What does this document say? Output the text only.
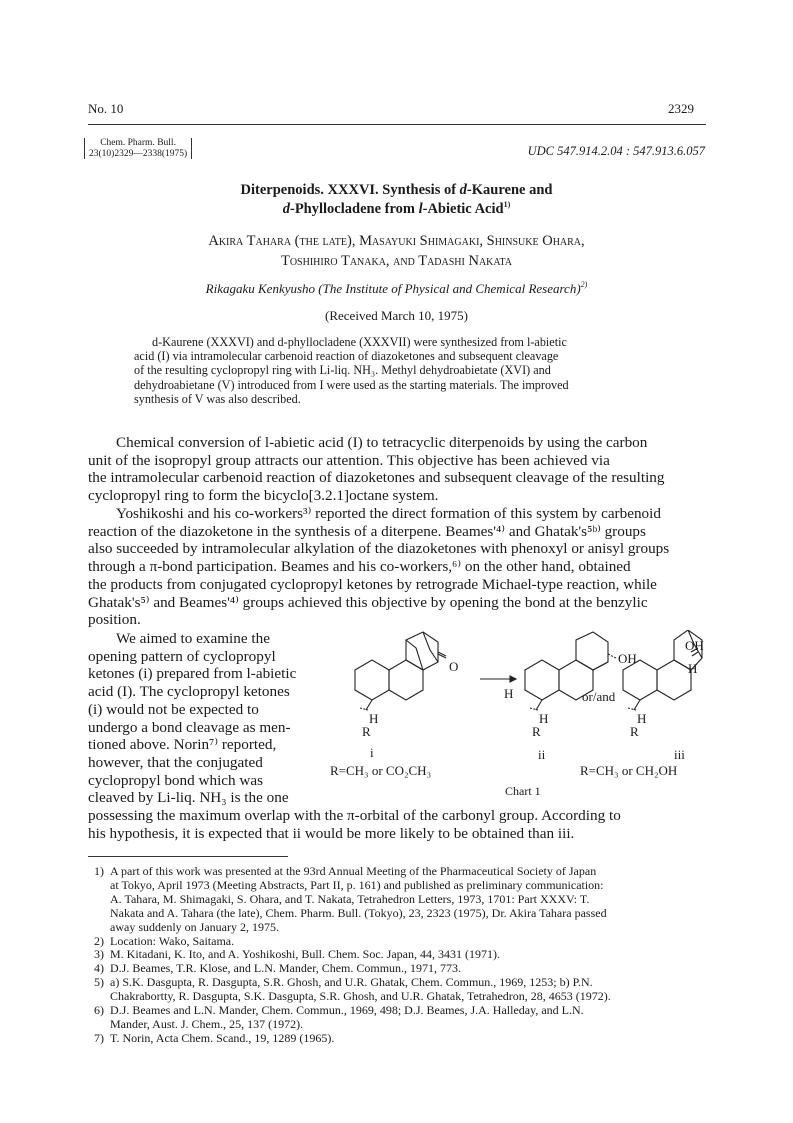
No. 10	2329
Chem. Pharm. Bull.
23(10)2329—2338(1975)	UDC 547.914.2.04 : 547.913.6.057
Diterpenoids. XXXVI. Synthesis of d-Kaurene and
d-Phyllocladene from l-Abietic Acid$^{1)}$
Akira Tahara (the late), Masayuki Shimagaki, Shinsuke Ohara,
Toshihiro Tanaka, and Tadashi Nakata
Rikagaku Kenkyusho (The Institute of Physical and Chemical Research)$^{2)}$
(Received March 10, 1975)
d-Kaurene (XXXVI) and d-phyllocladene (XXXVII) were synthesized from l-abietic
acid (I) via intramolecular carbenoid reaction of diazoketones and subsequent cleavage
of the resulting cyclopropyl ring with Li-liq. NH₃. Methyl dehydroabietate (XVI) and
dehydroabietane (V) introduced from I were used as the starting materials. The improved
synthesis of V was also described.
Chemical conversion of l-abietic acid (I) to tetracyclic diterpenoids by using the carbon
unit of the isopropyl group attracts our attention. This objective has been achieved via
the intramolecular carbenoid reaction of diazoketones and subsequent cleavage of the resulting
cyclopropyl ring to form the bicyclo[3.2.1]octane system.
Yoshikoshi and his co-workers³⁾ reported the direct formation of this system by carbenoid
reaction of the diazoketone in the synthesis of a diterpene. Beames'⁴⁾ and Ghatak's⁵ᵇ⁾ groups
also succeeded by intramolecular alkylation of the diazoketones with phenoxyl or anisyl groups
through a π-bond participation. Beames and his co-workers,⁶⁾ on the other hand, obtained
the products from conjugated cyclopropyl ketones by retrograde Michael-type reaction, while
Ghatak's⁵⁾ and Beames'⁴⁾ groups achieved this objective by opening the bond at the benzylic
position.
We aimed to examine the
opening pattern of cyclopropyl
ketones (i) prepared from l-abietic
acid (I). The cyclopropyl ketones
(i) would not be expected to
undergo a bond cleavage as men-
tioned above. Norin⁷⁾ reported,
however, that the conjugated
cyclopropyl bond which was
cleaved by Li-liq. NH₃ is the one
possessing the maximum overlap with the π-orbital of the carbonyl group. According to
his hypothesis, it is expected that ii would be more likely to be obtained than iii.
O
H
R
i
H
H
R
ii
OH
or/and
OH
H
H
R
iii
R=CH₃ or CO₂CH₃	R=CH₃ or CH₂OH
Chart 1
1) A part of this work was presented at the 93rd Annual Meeting of the Pharmaceutical Society of Japan
at Tokyo, April 1973 (Meeting Abstracts, Part II, p. 161) and published as preliminary communication:
A. Tahara, M. Shimagaki, S. Ohara, and T. Nakata, Tetrahedron Letters, 1973, 1701: Part XXXV: T.
Nakata and A. Tahara (the late), Chem. Pharm. Bull. (Tokyo), 23, 2323 (1975), Dr. Akira Tahara passed
away suddenly on January 2, 1975.
2) Location: Wako, Saitama.
3) M. Kitadani, K. Ito, and A. Yoshikoshi, Bull. Chem. Soc. Japan, 44, 3431 (1971).
4) D.J. Beames, T.R. Klose, and L.N. Mander, Chem. Commun., 1971, 773.
5) a) S.K. Dasgupta, R. Dasgupta, S.R. Ghosh, and U.R. Ghatak, Chem. Commun., 1969, 1253; b) P.N.
Chakrabortty, R. Dasgupta, S.K. Dasgupta, S.R. Ghosh, and U.R. Ghatak, Tetrahedron, 28, 4653 (1972).
6) D.J. Beames and L.N. Mander, Chem. Commun., 1969, 498; D.J. Beames, J.A. Halleday, and L.N.
Mander, Aust. J. Chem., 25, 137 (1972).
7) T. Norin, Acta Chem. Scand., 19, 1289 (1965).
